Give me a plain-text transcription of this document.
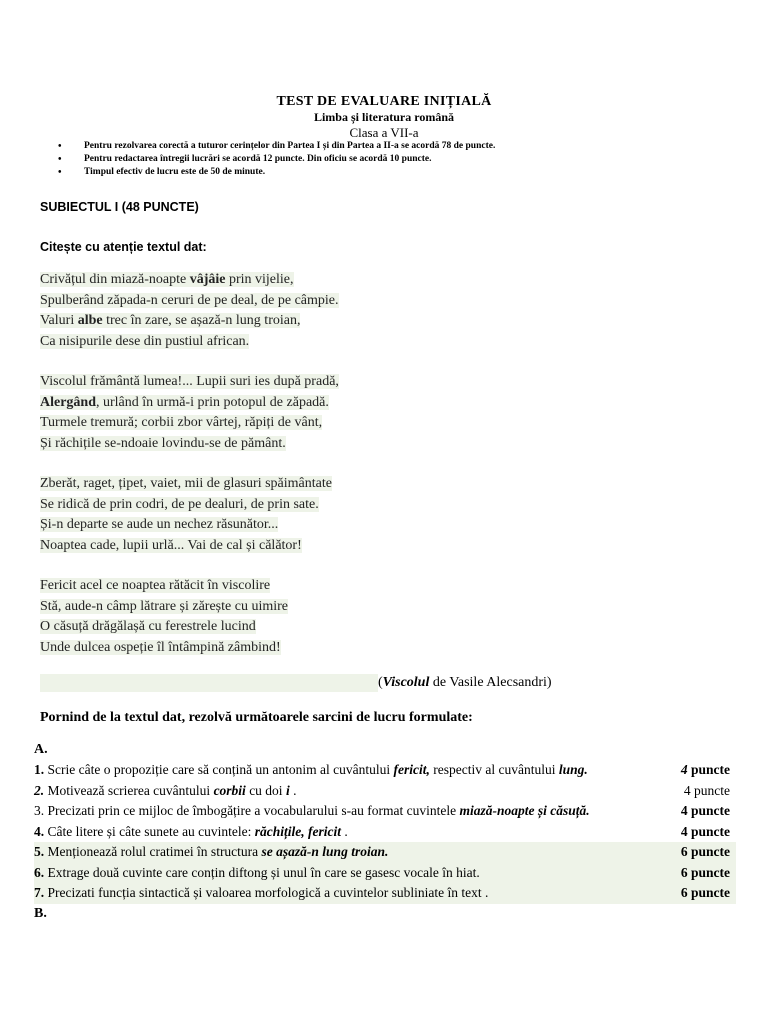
TEST DE EVALUARE INIȚIALĂ
Limba și literatura română
Clasa a VII-a
• Pentru rezolvarea corectă a tuturor cerințelor din Partea I și din Partea a II-a se acordă 78 de puncte.
• Pentru redactarea întregii lucrări se acordă 12 puncte. Din oficiu se acordă 10 puncte.
• Timpul efectiv de lucru este de 50 de minute.
SUBIECTUL I (48 PUNCTE)
Citește cu atenție textul dat:
Crivățul din miază-noapte vâjâie prin vijelie,
Spulberând zăpada-n ceruri de pe deal, de pe câmpie.
Valuri albe trec în zare, se așază-n lung troian,
Ca nisipurile dese din pustiul african.
Viscolul frământă lumea!... Lupii suri ies după pradă,
Alergând, urlând în urmă-i prin potopul de zăpadă.
Turmele tremură; corbii zbor vârtej, răpiți de vânt,
Și răchițile se-ndoaie lovindu-se de pământ.
Zberăt, raget, țipet, vaiet, mii de glasuri spăimântate
Se ridică de prin codri, de pe dealuri, de prin sate.
Și-n departe se aude un nechez răsunător...
Noaptea cade, lupii urlă... Vai de cal și călător!
Fericit acel ce noaptea rătăcit în viscolire
Stă, aude-n câmp lătrare și zărește cu uimire
O căsuță drăgălașă cu ferestrele lucind
Unde dulcea ospeție îl întâmpină zâmbind!
(Viscolul de Vasile Alecsandri)
Pornind de la textul dat, rezolvă următoarele sarcini de lucru formulate:
A.
1. Scrie câte o propoziție care să conțină un antonim al cuvântului fericit, respectiv al cuvântului lung.	4 puncte
2. Motivează scrierea cuvântului corbii cu doi i .	4 puncte
3. Precizati prin ce mijloc de îmbogățire a vocabularului s-au format cuvintele miază-noapte și căsuță.	4 puncte
4. Câte litere și câte sunete au cuvintele: răchițile, fericit .	4 puncte
5. Menționează rolul cratimei în structura se așază-n lung troian.	6 puncte
6. Extrage două cuvinte care conțin diftong și unul în care se gasesc vocale în hiat.	6 puncte
7. Precizati funcția sintactică și valoarea morfologică a cuvintelor subliniate în text .	6 puncte
B.
